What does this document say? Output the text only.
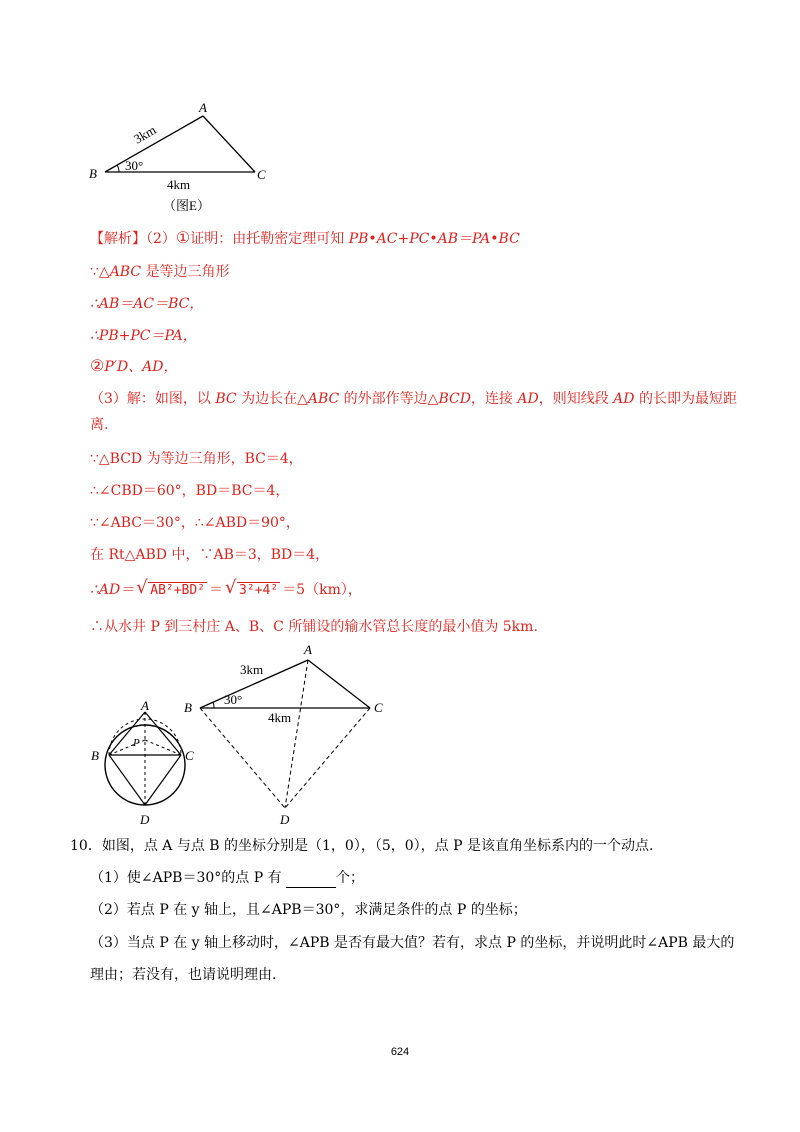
A
B	C
3km
30°
4km
（图E）
【解析】（2）①证明：由托勒密定理可知 PB•AC+PC•AB＝PA•BC
∵△ABC 是等边三角形
∴AB＝AC＝BC，
∴PB+PC＝PA，
②P′D、AD，
（3）解：如图，以 BC 为边长在△ABC 的外部作等边△BCD，连接 AD，则知线段 AD 的长即为最短距
离.
∵△BCD 为等边三角形，BC＝4，
∴∠CBD＝60°，BD＝BC＝4，
∵∠ABC＝30°，∴∠ABD＝90°，
在 Rt△ABD 中，∵AB＝3，BD＝4，
∴AD＝ √ AB²+BD² ＝ √ 3²+4² ＝5（km），
∴从水井 P 到三村庄 A、B、C 所铺设的输水管总长度的最小值为 5km.
A
B	C
D
P
A
B	C
D
3km
30°
4km
10．如图，点 A 与点 B 的坐标分别是（1，0），（5，0），点 P 是该直角坐标系内的一个动点.
（1）使∠APB＝30°的点 P 有	个；
（2）若点 P 在 y 轴上，且∠APB＝30°，求满足条件的点 P 的坐标；
（3）当点 P 在 y 轴上移动时，∠APB 是否有最大值？若有，求点 P 的坐标，并说明此时∠APB 最大的
理由；若没有，也请说明理由.
624
